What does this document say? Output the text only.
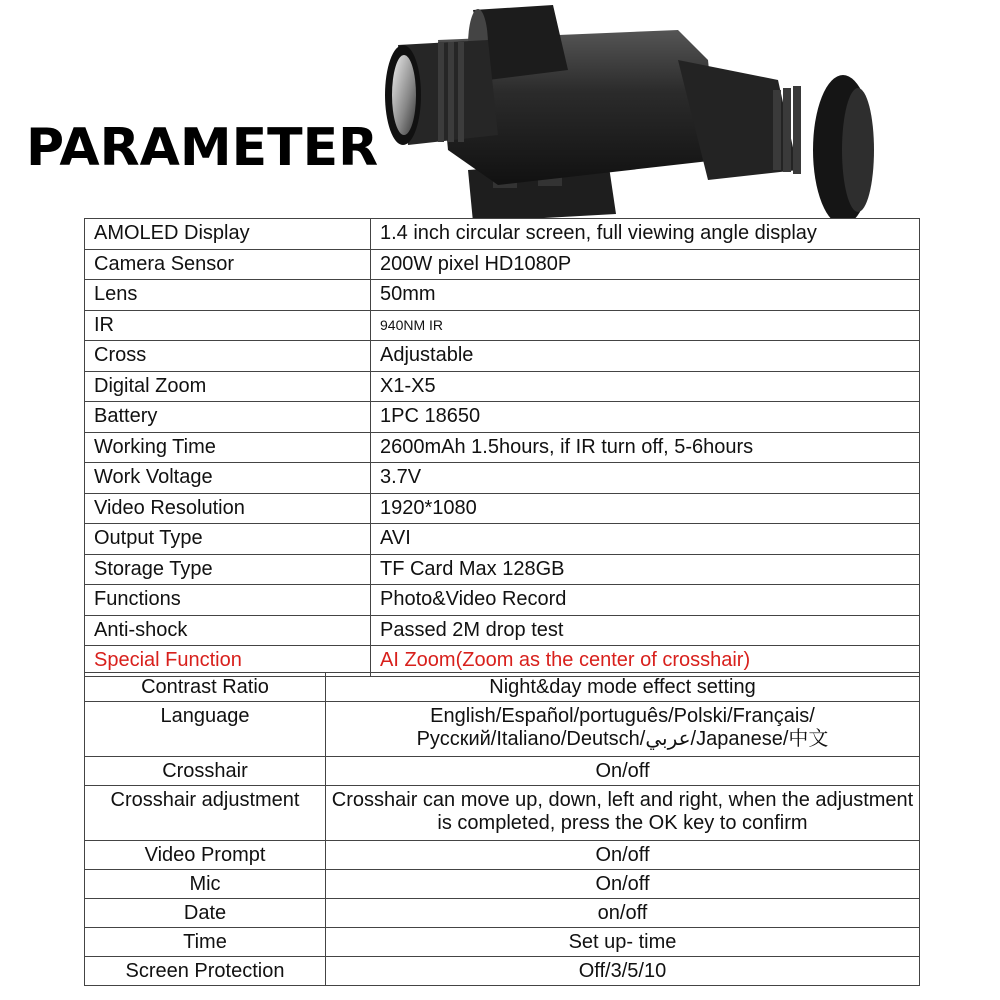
PARAMETER
AMOLED Display	1.4 inch circular screen, full viewing angle display
Camera Sensor	200W pixel HD1080P
Lens	50mm
IR	940NM IR
Cross	Adjustable
Digital Zoom	X1-X5
Battery	1PC 18650
Working Time	2600mAh 1.5hours, if IR turn off, 5-6hours
Work Voltage	3.7V
Video Resolution	1920*1080
Output Type	AVI
Storage Type	TF Card Max 128GB
Functions	Photo&Video Record
Anti-shock	Passed 2M drop test
Special Function	AI Zoom(Zoom as the center of crosshair)
Contrast Ratio	Night&day mode effect setting
Language	English/Español/português/Polski/Français/Русский/Italiano/Deutsch/عربي/Japanese/中文
Crosshair	On/off
Crosshair adjustment	Crosshair can move up, down, left and right, when the adjustment is completed, press the OK key to confirm
Video Prompt	On/off
Mic	On/off
Date	on/off
Time	Set up- time
Screen Protection	Off/3/5/10
